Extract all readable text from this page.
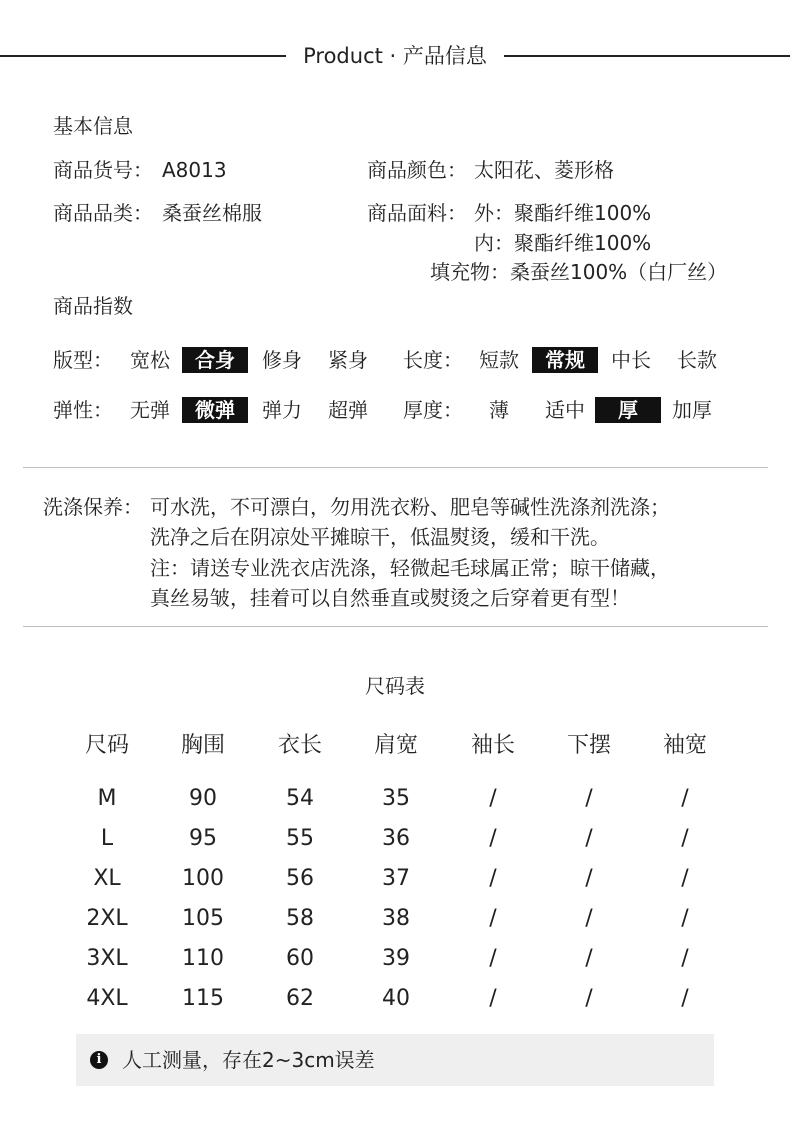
Product · 产品信息
基本信息
商品货号： A8013	商品颜色： 太阳花、菱形格
商品品类： 桑蚕丝棉服	商品面料： 外：聚酯纤维100%
内：聚酯纤维100%
填充物：桑蚕丝100%（白厂丝）
商品指数
版型： 宽松	合身	修身 紧身 长度： 短款	常规	中长 长款
弹性： 无弹	微弹	弹力 超弹 厚度： 薄 适中	厚	加厚
洗涤保养： 可水洗，不可漂白，勿用洗衣粉、肥皂等碱性洗涤剂洗涤；
洗净之后在阴凉处平摊晾干，低温熨烫，缓和干洗。
注：请送专业洗衣店洗涤，轻微起毛球属正常；晾干储藏，
真丝易皱，挂着可以自然垂直或熨烫之后穿着更有型！
尺码表
尺码	胸围	衣长	肩宽	袖长	下摆	袖宽
M	90	54	35	/	/	/
L	95	55	36	/	/	/
XL	100	56	37	/	/	/
2XL	105	58	38	/	/	/
3XL	110	60	39	/	/	/
4XL	115	62	40	/	/	/
i	人工测量，存在2~3cm误差
